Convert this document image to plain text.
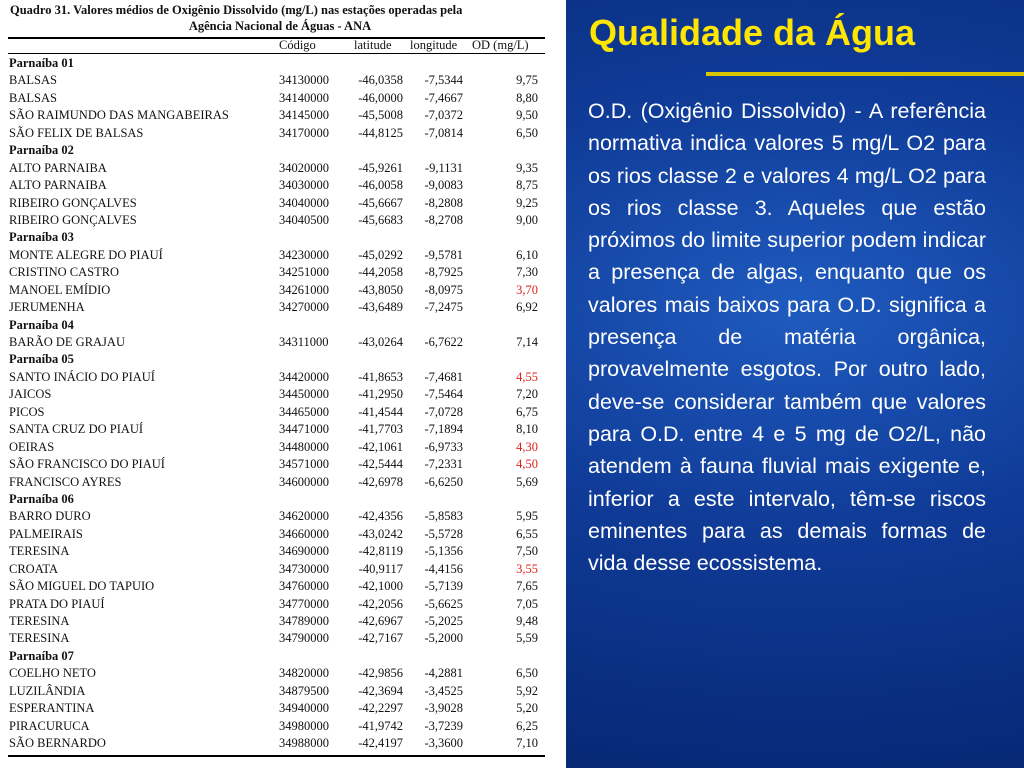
Quadro 31. Valores médios de Oxigênio Dissolvido (mg/L) nas estações operadas pela
Agência Nacional de Águas - ANA
Código	latitude longitude OD (mg/L)
Parnaíba 01
BALSAS	34130000 -46,0358 -7,5344	9,75
BALSAS	34140000 -46,0000 -7,4667	8,80
SÃO RAIMUNDO DAS MANGABEIRAS	34145000 -45,5008 -7,0372	9,50
SÃO FELIX DE BALSAS	34170000 -44,8125 -7,0814	6,50
Parnaíba 02
ALTO PARNAIBA	34020000 -45,9261 -9,1131	9,35
ALTO PARNAIBA	34030000 -46,0058 -9,0083	8,75
RIBEIRO GONÇALVES	34040000 -45,6667 -8,2808	9,25
RIBEIRO GONÇALVES	34040500 -45,6683 -8,2708	9,00
Parnaíba 03
MONTE ALEGRE DO PIAUÍ	34230000 -45,0292 -9,5781	6,10
CRISTINO CASTRO	34251000 -44,2058 -8,7925	7,30
MANOEL EMÍDIO	34261000 -43,8050 -8,0975	3,70
JERUMENHA	34270000 -43,6489 -7,2475	6,92
Parnaíba 04
BARÃO DE GRAJAU	34311000 -43,0264 -6,7622	7,14
Parnaíba 05
SANTO INÁCIO DO PIAUÍ	34420000 -41,8653 -7,4681	4,55
JAICOS	34450000 -41,2950 -7,5464	7,20
PICOS	34465000 -41,4544 -7,0728	6,75
SANTA CRUZ DO PIAUÍ	34471000 -41,7703 -7,1894	8,10
OEIRAS	34480000 -42,1061 -6,9733	4,30
SÃO FRANCISCO DO PIAUÍ	34571000 -42,5444 -7,2331	4,50
FRANCISCO AYRES	34600000 -42,6978 -6,6250	5,69
Parnaíba 06
BARRO DURO	34620000 -42,4356 -5,8583	5,95
PALMEIRAIS	34660000 -43,0242 -5,5728	6,55
TERESINA	34690000 -42,8119 -5,1356	7,50
CROATA	34730000 -40,9117 -4,4156	3,55
SÃO MIGUEL DO TAPUIO	34760000 -42,1000 -5,7139	7,65
PRATA DO PIAUÍ	34770000 -42,2056 -5,6625	7,05
TERESINA	34789000 -42,6967 -5,2025	9,48
TERESINA	34790000 -42,7167 -5,2000	5,59
Parnaíba 07
COELHO NETO	34820000 -42,9856 -4,2881	6,50
LUZILÂNDIA	34879500 -42,3694 -3,4525	5,92
ESPERANTINA	34940000 -42,2297 -3,9028	5,20
PIRACURUCA	34980000 -41,9742 -3,7239	6,25
SÃO BERNARDO	34988000 -42,4197 -3,3600	7,10
Qualidade da Água
O.D. (Oxigênio Dissolvido) - A referência normativa indica valores 5 mg/L O2 para os rios classe 2 e valores 4 mg/L O2 para os rios classe 3. Aqueles que estão próximos do limite superior podem indicar a presença de algas, enquanto que os valores mais baixos para O.D. significa a presença de matéria orgânica, provavelmente esgotos. Por outro lado, deve-se considerar também que valores para O.D. entre 4 e 5 mg de O2/L, não atendem à fauna fluvial mais exigente e, inferior a este intervalo, têm-se riscos eminentes para as demais formas de vida desse ecossistema.
